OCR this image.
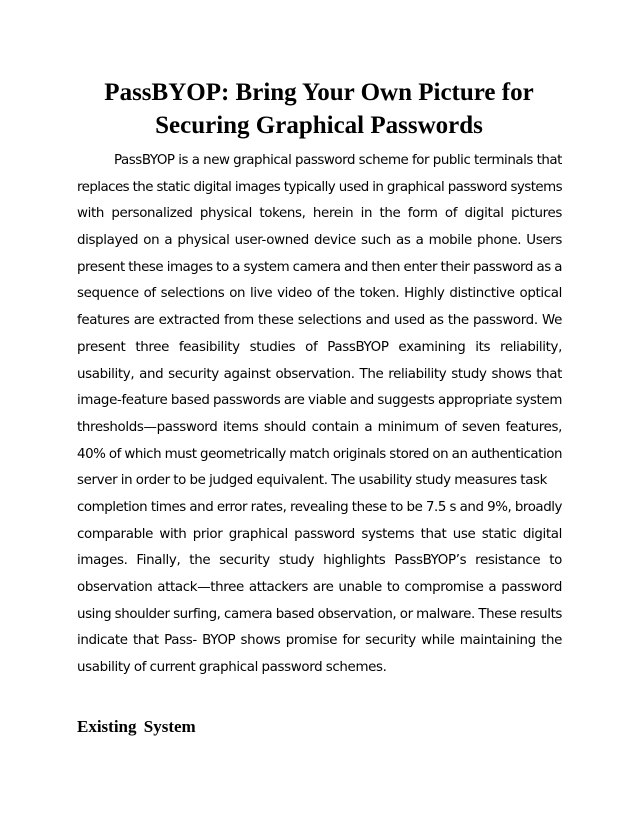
PassBYOP: Bring Your Own Picture for
Securing Graphical Passwords

PassBYOP is a new graphical password scheme for public terminals that
replaces the static digital images typically used in graphical password systems
with personalized physical tokens, herein in the form of digital pictures
displayed on a physical user-owned device such as a mobile phone. Users
present these images to a system camera and then enter their password as a
sequence of selections on live video of the token. Highly distinctive optical
features are extracted from these selections and used as the password. We
present three feasibility studies of PassBYOP examining its reliability,
usability, and security against observation. The reliability study shows that
image-feature based passwords are viable and suggests appropriate system
thresholds—password items should contain a minimum of seven features,
40% of which must geometrically match originals stored on an authentication
server in order to be judged equivalent. The usability study measures task
completion times and error rates, revealing these to be 7.5 s and 9%, broadly
comparable with prior graphical password systems that use static digital
images. Finally, the security study highlights PassBYOP’s resistance to
observation attack—three attackers are unable to compromise a password
using shoulder surfing, camera based observation, or malware. These results
indicate that Pass- BYOP shows promise for security while maintaining the
usability of current graphical password schemes.

Existing System
